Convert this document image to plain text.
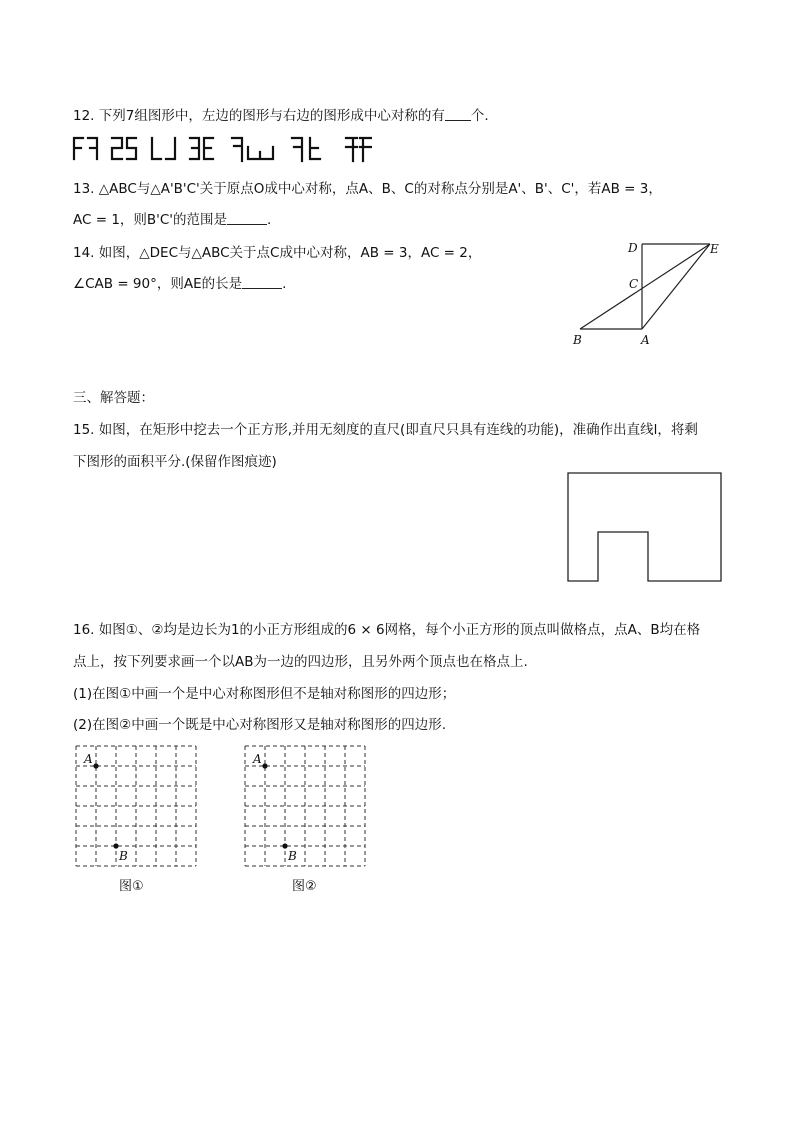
12. 下列7组图形中，左边的图形与右边的图形成中心对称的有 个.
13. △ABC与△A'B'C'关于原点O成中心对称，点A、B、C的对称点分别是A'、B'、C'，若AB = 3，
AC = 1，则B'C'的范围是	.
14. 如图，△DEC与△ABC关于点C成中心对称，AB = 3，AC = 2，
∠CAB = 90°，则AE的长是	.
D	E
C
B	A
三、解答题：
15. 如图，在矩形中挖去一个正方形,并用无刻度的直尺(即直尺只具有连线的功能)，准确作出直线l，将剩
下图形的面积平分.(保留作图痕迹)
16. 如图①、②均是边长为1的小正方形组成的6 × 6网格，每个小正方形的顶点叫做格点，点A、B均在格
点上，按下列要求画一个以AB为一边的四边形，且另外两个顶点也在格点上.
(1)在图①中画一个是中心对称图形但不是轴对称图形的四边形；
(2)在图②中画一个既是中心对称图形又是轴对称图形的四边形.
A
B
图①
A
B
图②
